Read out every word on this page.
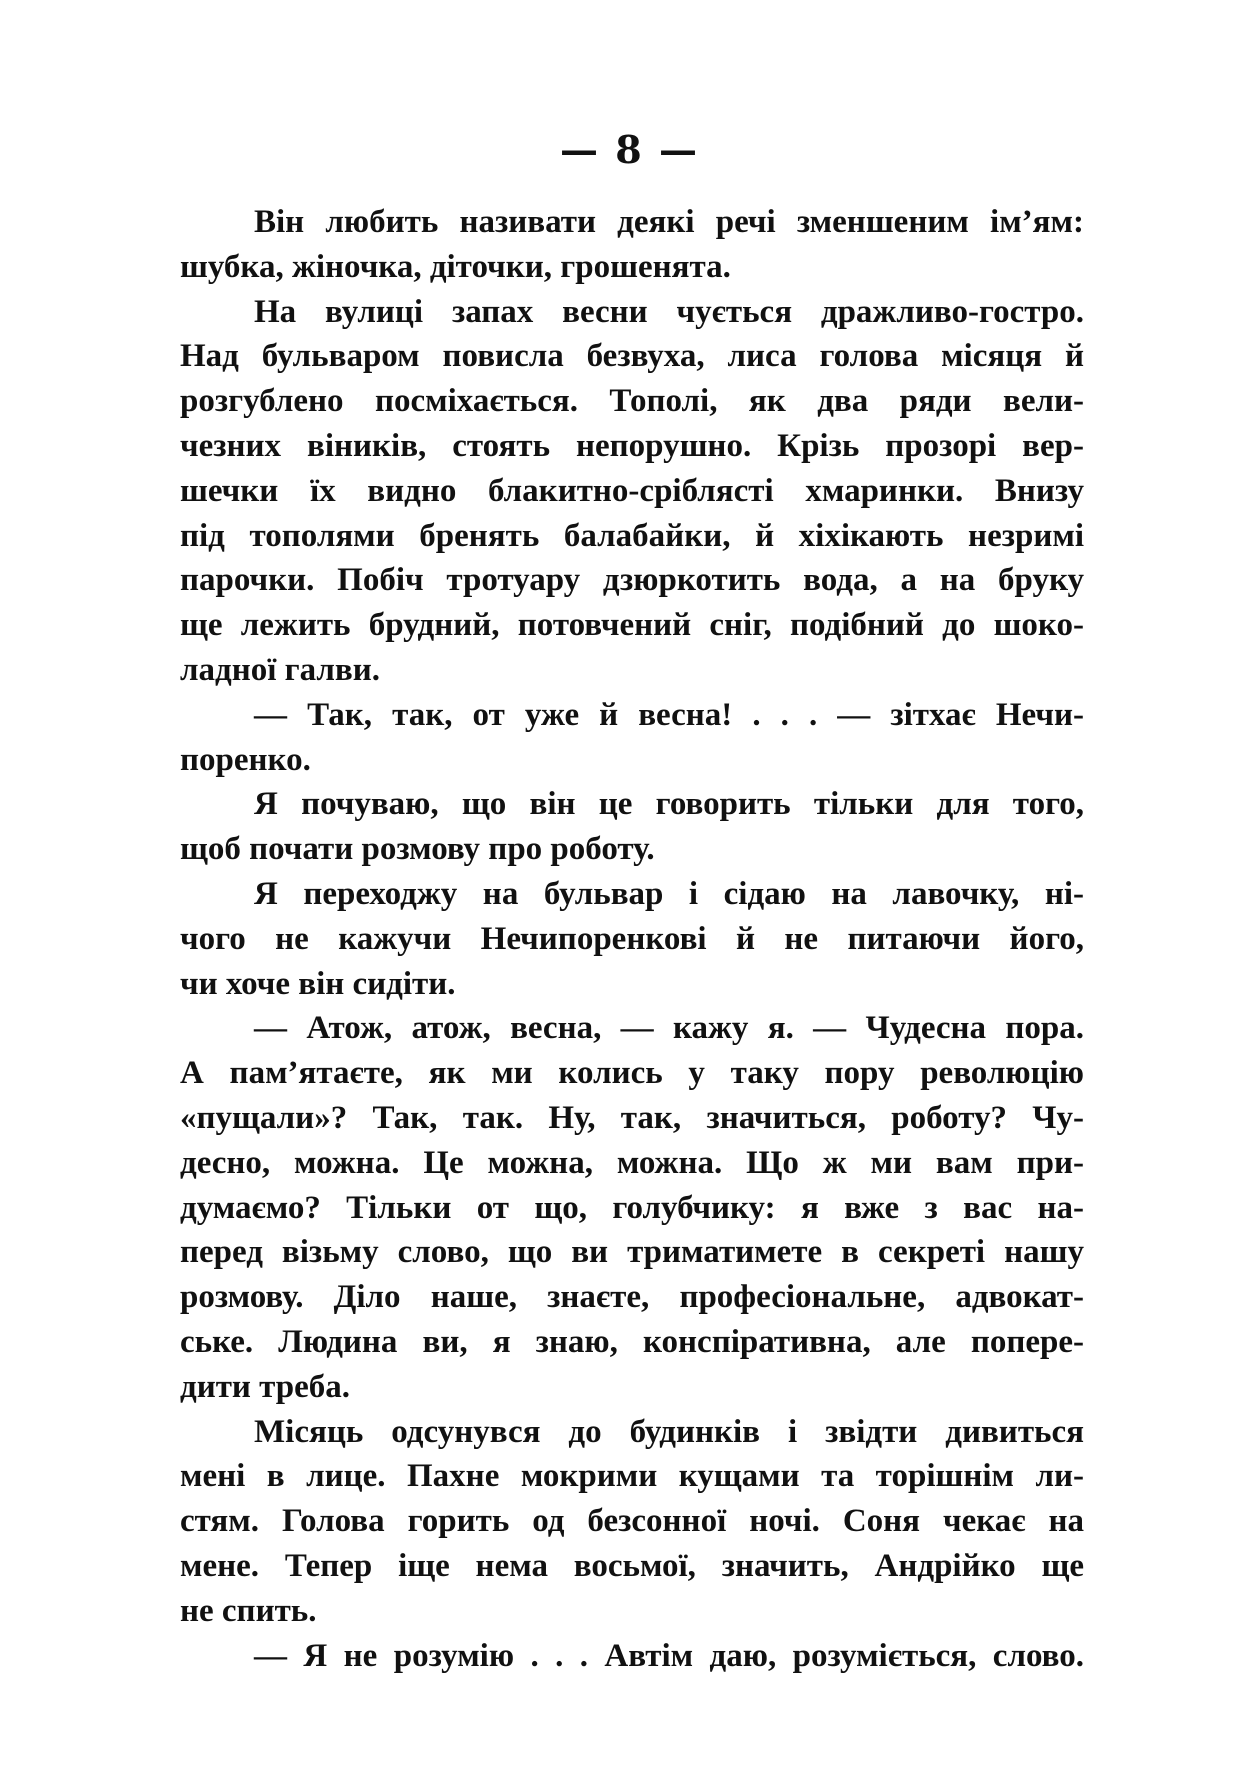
— 8 —
Він любить називати деякі речі зменшеним ім’ям:
шубка, жіночка, діточки, грошенята.
На вулиці запах весни чується дражливо-гостро.
Над бульваром повисла безвуха, лиса голова місяця й
розгублено посміхається. Тополі, як два ряди вели-
чезних віників, стоять непорушно. Крізь прозорі вер-
шечки їх видно блакитно-сріблясті хмаринки. Внизу
під тополями бренять балабайки, й хіхікають незримі
парочки. Побіч тротуару дзюркотить вода, а на бруку
ще лежить брудний, потовчений сніг, подібний до шоко-
ладної галви.
— Так, так, от уже й весна! . . . — зітхає Нечи-
поренко.
Я почуваю, що він це говорить тільки для того,
щоб почати розмову про роботу.
Я переходжу на бульвар і сідаю на лавочку, ні-
чого не кажучи Нечипоренкові й не питаючи його,
чи хоче він сидіти.
— Атож, атож, весна, — кажу я. — Чудесна пора.
А пам’ятаєте, як ми колись у таку пору революцію
«пущали»? Так, так. Ну, так, значиться, роботу? Чу-
десно, можна. Це можна, можна. Що ж ми вам при-
думаємо? Тільки от що, голубчику: я вже з вас на-
перед візьму слово, що ви триматимете в секреті нашу
розмову. Діло наше, знаєте, професіональне, адвокат-
ське. Людина ви, я знаю, конспіративна, але попере-
дити треба.
Місяць одсунувся до будинків і звідти дивиться
мені в лице. Пахне мокрими кущами та торішнім ли-
стям. Голова горить од безсонної ночі. Соня чекає на
мене. Тепер іще нема восьмої, значить, Андрійко ще
не спить.
— Я не розумію . . . Автім даю, розуміється, слово.
